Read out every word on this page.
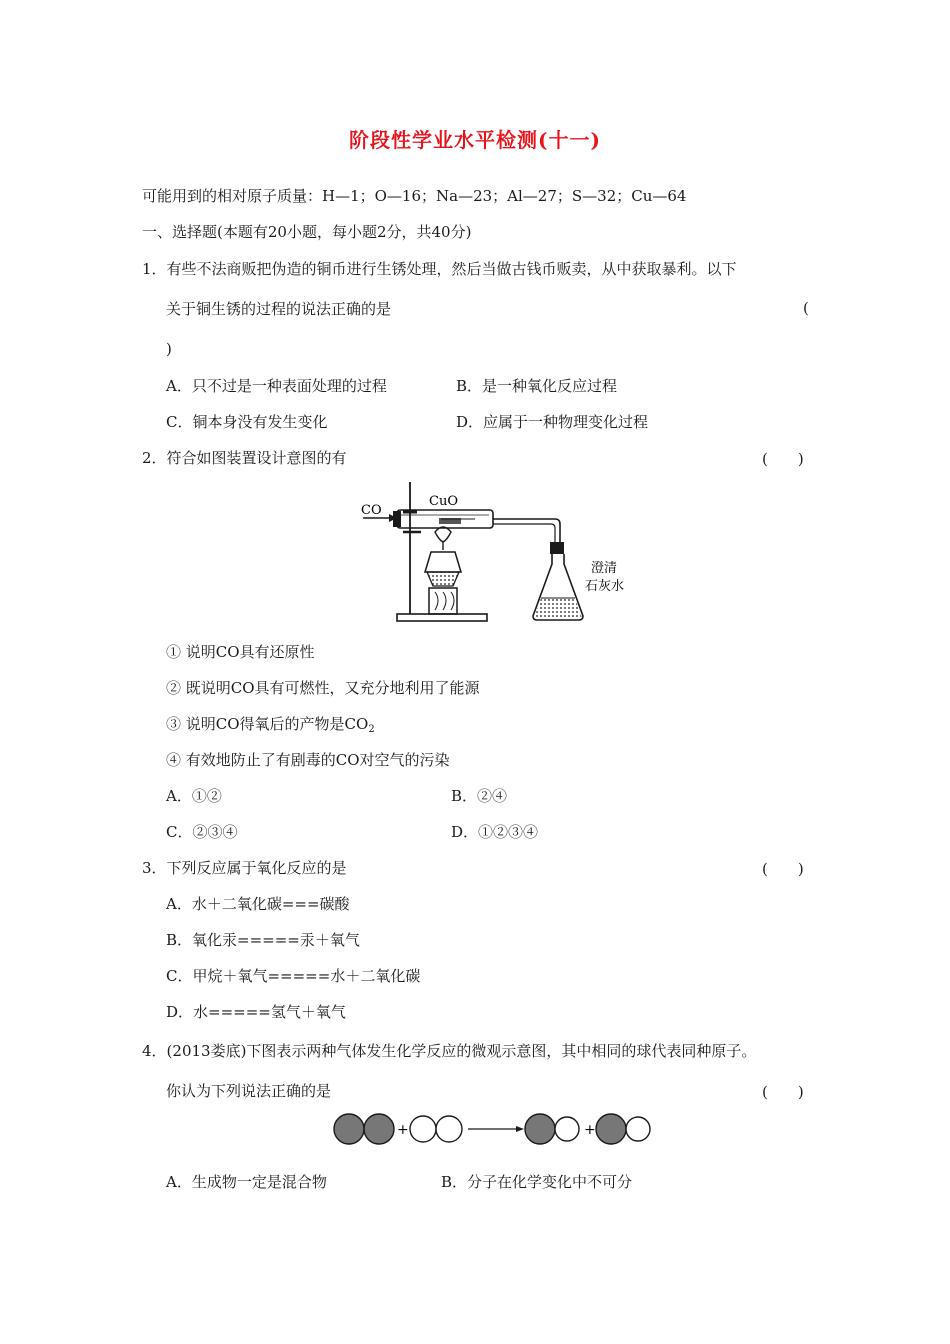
阶段性学业水平检测(十一)
可能用到的相对原子质量：H—1；O—16；Na—23；Al—27；S—32；Cu—64
一、选择题(本题有20小题，每小题2分，共40分)
1．有些不法商贩把伪造的铜币进行生锈处理，然后当做古钱币贩卖，从中获取暴利。以下
关于铜生锈的过程的说法正确的是	(
)
A．只不过是一种表面处理的过程	B．是一种氧化反应过程
C．铜本身没有发生变化	D．应属于一种物理变化过程
2．符合如图装置设计意图的有	(　　)
CO
CuO
澄清
石灰水
① 说明CO具有还原性
② 既说明CO具有可燃性，又充分地利用了能源
③ 说明CO得氧后的产物是$CO_2$
④ 有效地防止了有剧毒的CO对空气的污染
A．①②	B．②④
C．②③④	D．①②③④
3．下列反应属于氧化反应的是	(　　)
A．水＋二氧化碳===碳酸
B．氧化汞=====汞＋氧气
C．甲烷＋氧气=====水＋二氧化碳
D．水=====氢气＋氧气
4．(2013娄底)下图表示两种气体发生化学反应的微观示意图，其中相同的球代表同种原子。
你认为下列说法正确的是	(　　)
+	+
A．生成物一定是混合物	B．分子在化学变化中不可分
